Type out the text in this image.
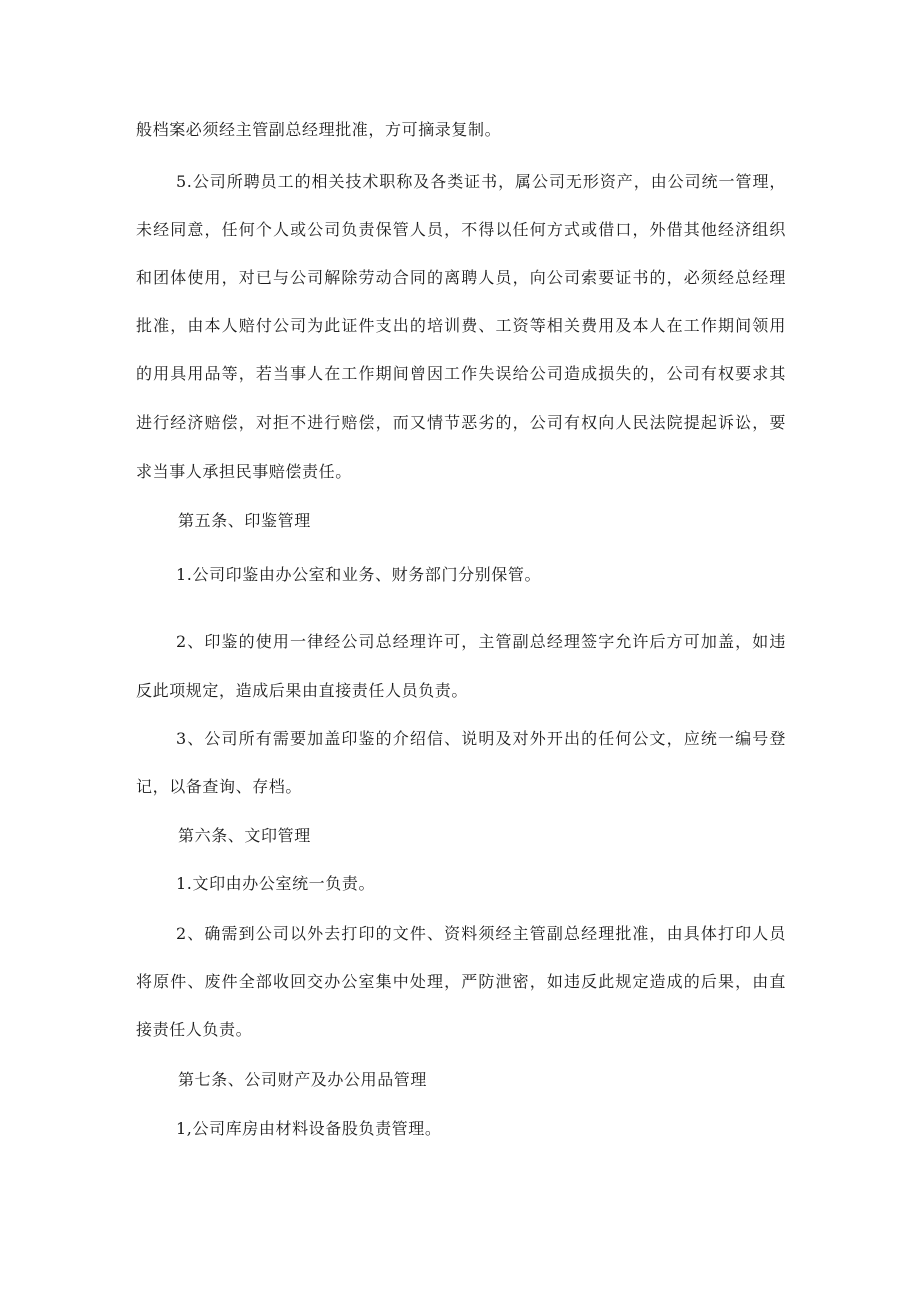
般档案必须经主管副总经理批准，方可摘录复制。
5.公司所聘员工的相关技术职称及各类证书，属公司无形资产，由公司统一管理，
未经同意，任何个人或公司负责保管人员，不得以任何方式或借口，外借其他经济组织
和团体使用，对已与公司解除劳动合同的离聘人员，向公司索要证书的，必须经总经理
批准，由本人赔付公司为此证件支出的培训费、工资等相关费用及本人在工作期间领用
的用具用品等，若当事人在工作期间曾因工作失误给公司造成损失的，公司有权要求其
进行经济赔偿，对拒不进行赔偿，而又情节恶劣的，公司有权向人民法院提起诉讼，要
求当事人承担民事赔偿责任。
第五条、印鉴管理
1.公司印鉴由办公室和业务、财务部门分别保管。
2、印鉴的使用一律经公司总经理许可，主管副总经理签字允许后方可加盖，如违
反此项规定，造成后果由直接责任人员负责。
3、公司所有需要加盖印鉴的介绍信、说明及对外开出的任何公文，应统一编号登
记，以备查询、存档。
第六条、文印管理
1.文印由办公室统一负责。
2、确需到公司以外去打印的文件、资料须经主管副总经理批准，由具体打印人员
将原件、废件全部收回交办公室集中处理，严防泄密，如违反此规定造成的后果，由直
接责任人负责。
第七条、公司财产及办公用品管理
1,公司库房由材料设备股负责管理。
